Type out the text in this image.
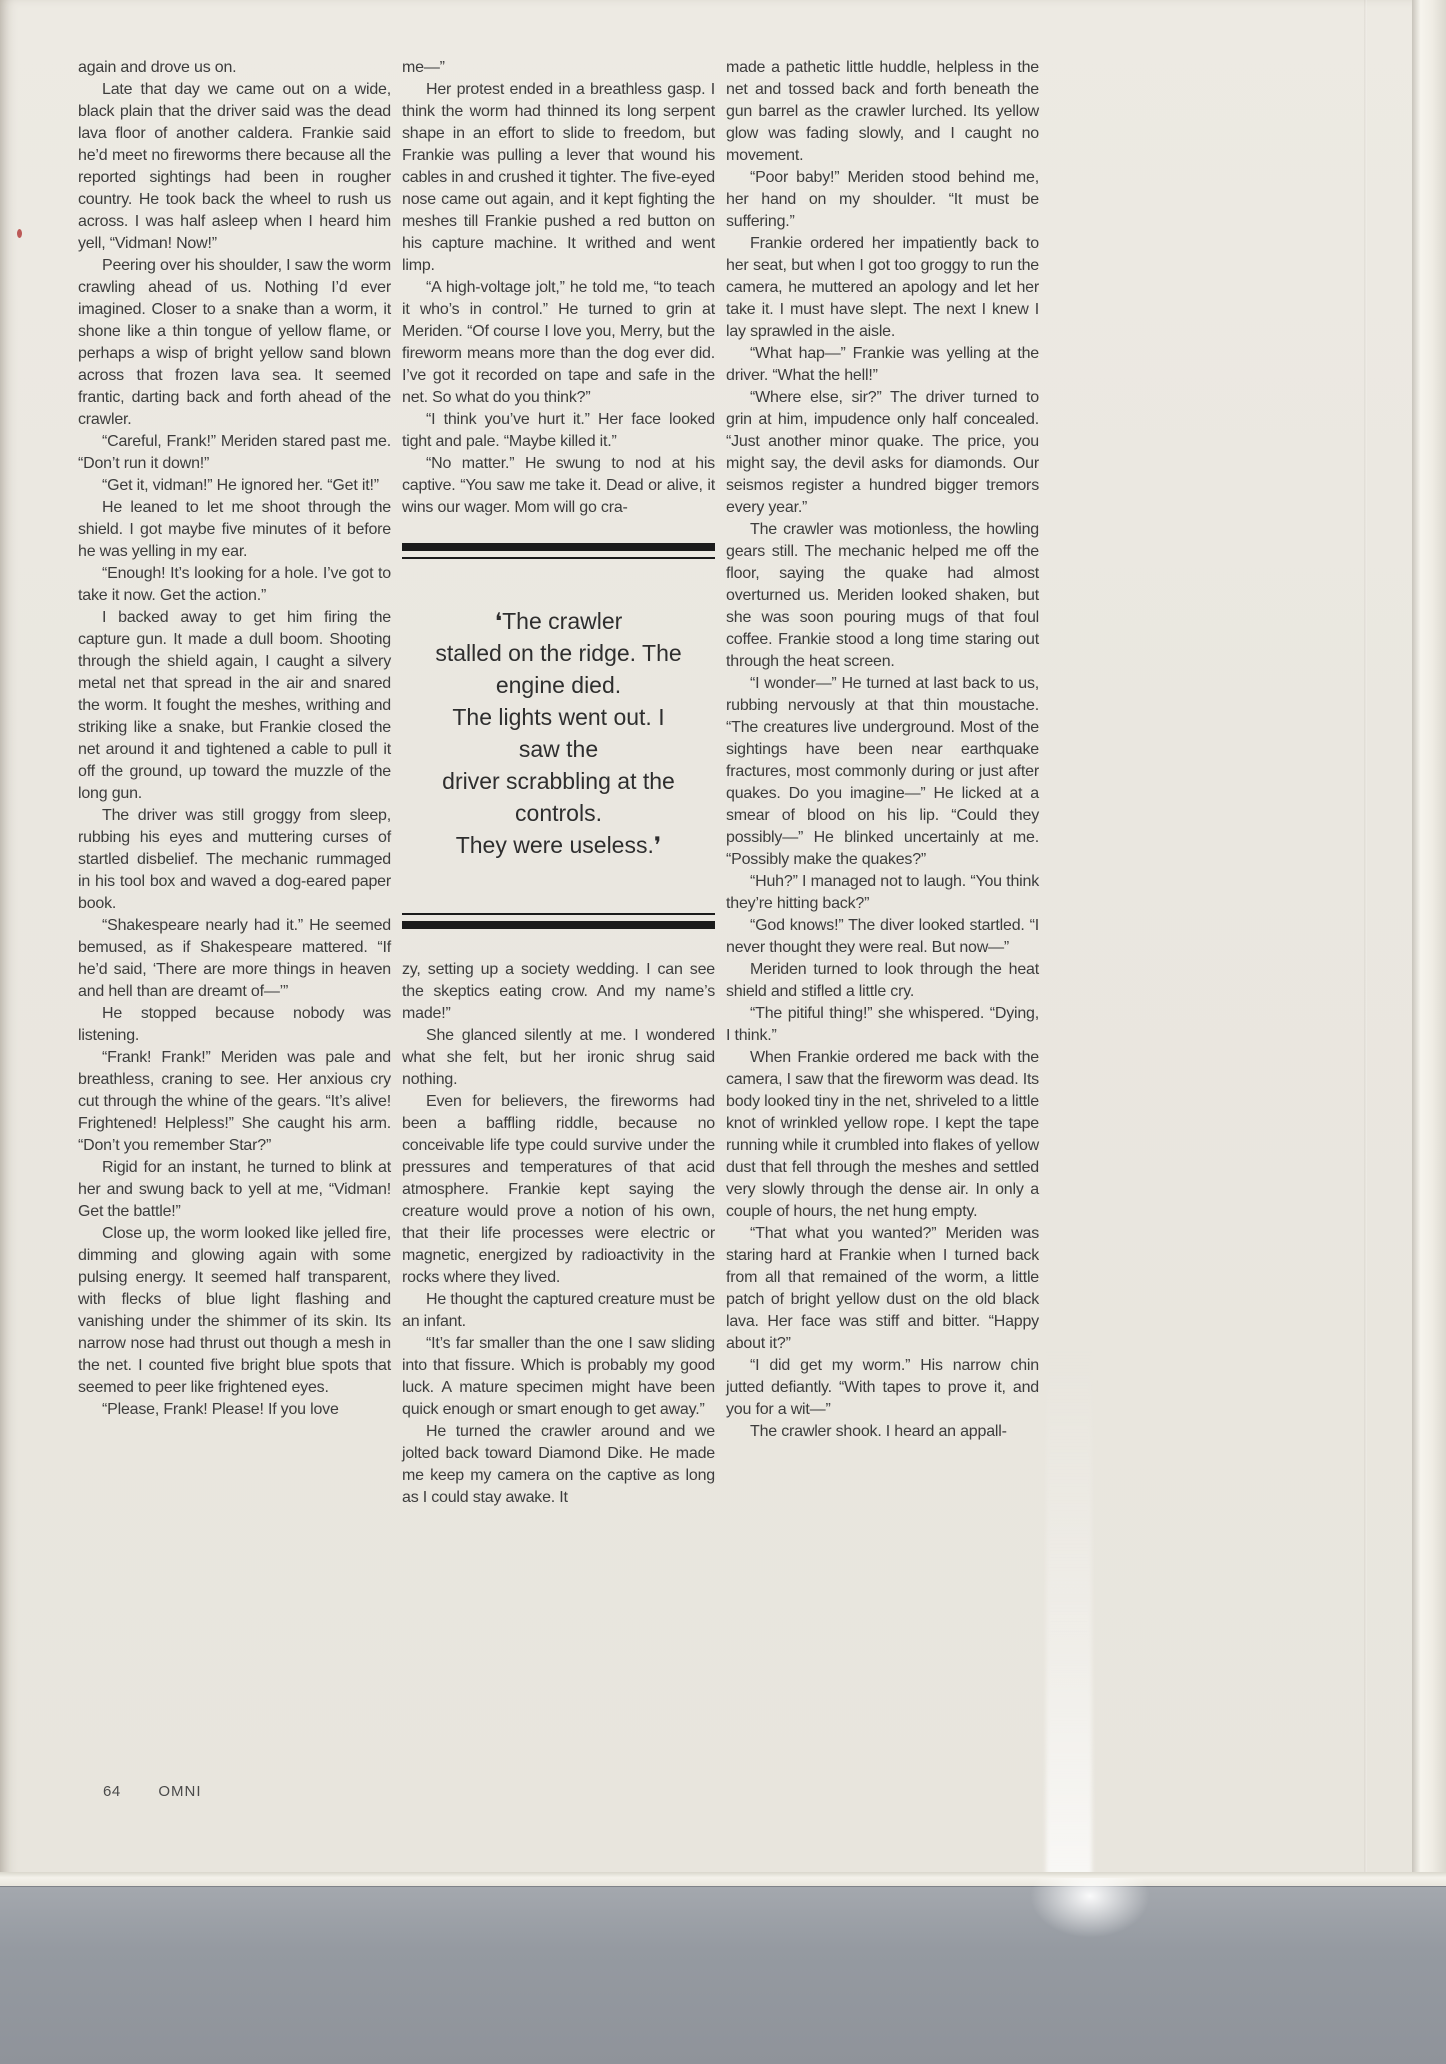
again and drove us on.

Late that day we came out on a wide, black plain that the driver said was the dead lava floor of another caldera. Frankie said he’d meet no fireworms there because all the reported sightings had been in rougher country. He took back the wheel to rush us across. I was half asleep when I heard him yell, “Vidman! Now!”

Peering over his shoulder, I saw the worm crawling ahead of us. Nothing I’d ever imagined. Closer to a snake than a worm, it shone like a thin tongue of yellow flame, or perhaps a wisp of bright yellow sand blown across that frozen lava sea. It seemed frantic, darting back and forth ahead of the crawler.

“Careful, Frank!” Meriden stared past me. “Don’t run it down!”

“Get it, vidman!” He ignored her. “Get it!”

He leaned to let me shoot through the shield. I got maybe five minutes of it before he was yelling in my ear.

“Enough! It’s looking for a hole. I’ve got to take it now. Get the action.”

I backed away to get him firing the capture gun. It made a dull boom. Shooting through the shield again, I caught a silvery metal net that spread in the air and snared the worm. It fought the meshes, writhing and striking like a snake, but Frankie closed the net around it and tightened a cable to pull it off the ground, up toward the muzzle of the long gun.

The driver was still groggy from sleep, rubbing his eyes and muttering curses of startled disbelief. The mechanic rummaged in his tool box and waved a dog-eared paper book.

“Shakespeare nearly had it.” He seemed bemused, as if Shakespeare mattered. “If he’d said, ‘There are more things in heaven and hell than are dreamt of—’”

He stopped because nobody was listening.

“Frank! Frank!” Meriden was pale and breathless, craning to see. Her anxious cry cut through the whine of the gears. “It’s alive! Frightened! Helpless!” She caught his arm. “Don’t you remember Star?”

Rigid for an instant, he turned to blink at her and swung back to yell at me, “Vidman! Get the battle!”

Close up, the worm looked like jelled fire, dimming and glowing again with some pulsing energy. It seemed half transparent, with flecks of blue light flashing and vanishing under the shimmer of its skin. Its narrow nose had thrust out though a mesh in the net. I counted five bright blue spots that seemed to peer like frightened eyes.

“Please, Frank! Please! If you love

me—”

Her protest ended in a breathless gasp. I think the worm had thinned its long serpent shape in an effort to slide to freedom, but Frankie was pulling a lever that wound his cables in and crushed it tighter. The five-eyed nose came out again, and it kept fighting the meshes till Frankie pushed a red button on his capture machine. It writhed and went limp.

“A high-voltage jolt,” he told me, “to teach it who’s in control.” He turned to grin at Meriden. “Of course I love you, Merry, but the fireworm means more than the dog ever did. I’ve got it recorded on tape and safe in the net. So what do you think?”

“I think you’ve hurt it.” Her face looked tight and pale. “Maybe killed it.”

“No matter.” He swung to nod at his captive. “You saw me take it. Dead or alive, it wins our wager. Mom will go cra-

❛The crawler
stalled on the ridge. The
engine died.
The lights went out. I
saw the
driver scrabbling at the
controls.
They were useless.❜

zy, setting up a society wedding. I can see the skeptics eating crow. And my name’s made!”

She glanced silently at me. I wondered what she felt, but her ironic shrug said nothing.

Even for believers, the fireworms had been a baffling riddle, because no conceivable life type could survive under the pressures and temperatures of that acid atmosphere. Frankie kept saying the creature would prove a notion of his own, that their life processes were electric or magnetic, energized by radioactivity in the rocks where they lived.

He thought the captured creature must be an infant.

“It’s far smaller than the one I saw sliding into that fissure. Which is probably my good luck. A mature specimen might have been quick enough or smart enough to get away.”

He turned the crawler around and we jolted back toward Diamond Dike. He made me keep my camera on the captive as long as I could stay awake. It

made a pathetic little huddle, helpless in the net and tossed back and forth beneath the gun barrel as the crawler lurched. Its yellow glow was fading slowly, and I caught no movement.

“Poor baby!” Meriden stood behind me, her hand on my shoulder. “It must be suffering.”

Frankie ordered her impatiently back to her seat, but when I got too groggy to run the camera, he muttered an apology and let her take it. I must have slept. The next I knew I lay sprawled in the aisle.

“What hap—” Frankie was yelling at the driver. “What the hell!”

“Where else, sir?” The driver turned to grin at him, impudence only half concealed. “Just another minor quake. The price, you might say, the devil asks for diamonds. Our seismos register a hundred bigger tremors every year.”

The crawler was motionless, the howling gears still. The mechanic helped me off the floor, saying the quake had almost overturned us. Meriden looked shaken, but she was soon pouring mugs of that foul coffee. Frankie stood a long time staring out through the heat screen.

“I wonder—” He turned at last back to us, rubbing nervously at that thin moustache. “The creatures live underground. Most of the sightings have been near earthquake fractures, most commonly during or just after quakes. Do you imagine—” He licked at a smear of blood on his lip. “Could they possibly—” He blinked uncertainly at me. “Possibly make the quakes?”

“Huh?” I managed not to laugh. “You think they’re hitting back?”

“God knows!” The diver looked startled. “I never thought they were real. But now—”

Meriden turned to look through the heat shield and stifled a little cry.

“The pitiful thing!” she whispered. “Dying, I think.”

When Frankie ordered me back with the camera, I saw that the fireworm was dead. Its body looked tiny in the net, shriveled to a little knot of wrinkled yellow rope. I kept the tape running while it crumbled into flakes of yellow dust that fell through the meshes and settled very slowly through the dense air. In only a couple of hours, the net hung empty.

“That what you wanted?” Meriden was staring hard at Frankie when I turned back from all that remained of the worm, a little patch of bright yellow dust on the old black lava. Her face was stiff and bitter. “Happy about it?”

“I did get my worm.” His narrow chin jutted defiantly. “With tapes to prove it, and you for a wit—”

The crawler shook. I heard an appall-

64	OMNI
